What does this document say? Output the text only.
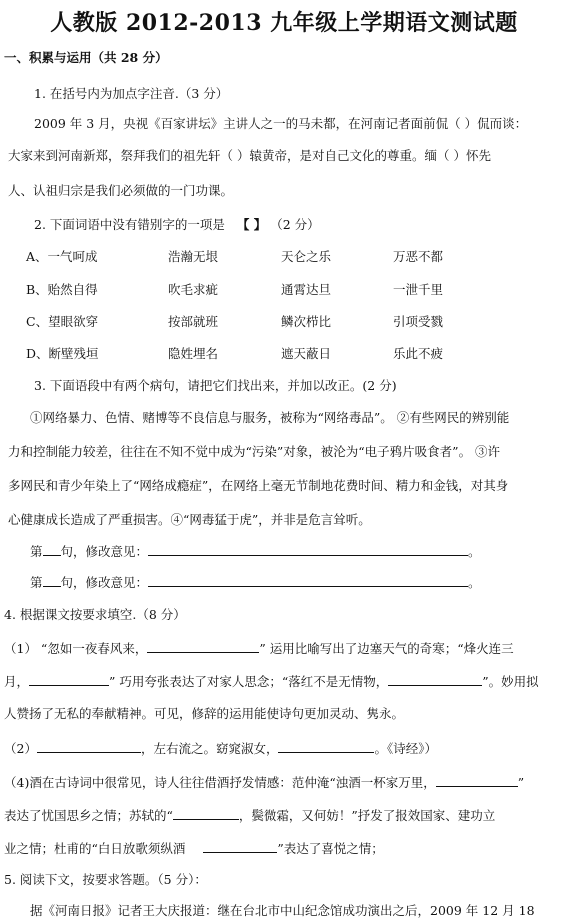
人教版 2012-2013 九年级上学期语文测试题
一、积累与运用（共 28 分）
1. 在括号内为加点字注音.（3 分）
2009 年 3 月，央视《百家讲坛》主讲人之一的马未都，在河南记者面前侃（ ）侃而谈：
大家来到河南新郑，祭拜我们的祖先轩（ ）辕黄帝，是对自己文化的尊重。缅（ ）怀先
人、认祖归宗是我们必须做的一门功课。
2. 下面词语中没有错别字的一项是 【 】 （2 分）
A、一气呵成	浩瀚无垠	天仑之乐	万恶不都
B、贻然自得	吹毛求疵	通霄达旦	一泄千里
C、望眼欲穿	按部就班	鳞次栉比	引项受戮
D、断壁残垣	隐姓埋名	遮天蔽日	乐此不疲
3. 下面语段中有两个病句，请把它们找出来，并加以改正。(2 分)
①网络暴力、色情、赌博等不良信息与服务，被称为“网络毒品”。 ②有些网民的辨别能
力和控制能力较差，往往在不知不觉中成为“污染”对象，被沦为“电子鸦片吸食者”。 ③许
多网民和青少年染上了“网络成瘾症”，在网络上毫无节制地花费时间、精力和金钱，对其身
心健康成长造成了严重损害。④“网毒猛于虎”，并非是危言耸听。
第 句，修改意见：	。
第 句，修改意见：	。
4. 根据课文按要求填空.（8 分）
（1） “忽如一夜春风来，	” 运用比喻写出了边塞天气的奇寒；“烽火连三
月，	” 巧用夸张表达了对家人思念；“落红不是无情物，	”。妙用拟
人赞扬了无私的奉献精神。可见，修辞的运用能使诗句更加灵动、隽永。
（2）	，左右流之。窈窕淑女，	。《诗经》）
（4)酒在古诗词中很常见，诗人往往借酒抒发情感：范仲淹“浊酒一杯家万里，	”
表达了忧国思乡之情；苏轼的“	，鬓微霜，又何妨！”抒发了报效国家、建功立
业之情；杜甫的“白日放歌须纵酒	”表达了喜悦之情；
5. 阅读下文，按要求答题。（5 分）：
据《河南日报》记者王大庆报道：继在台北市中山纪念馆成功演出之后，2009 年 12 月 18
